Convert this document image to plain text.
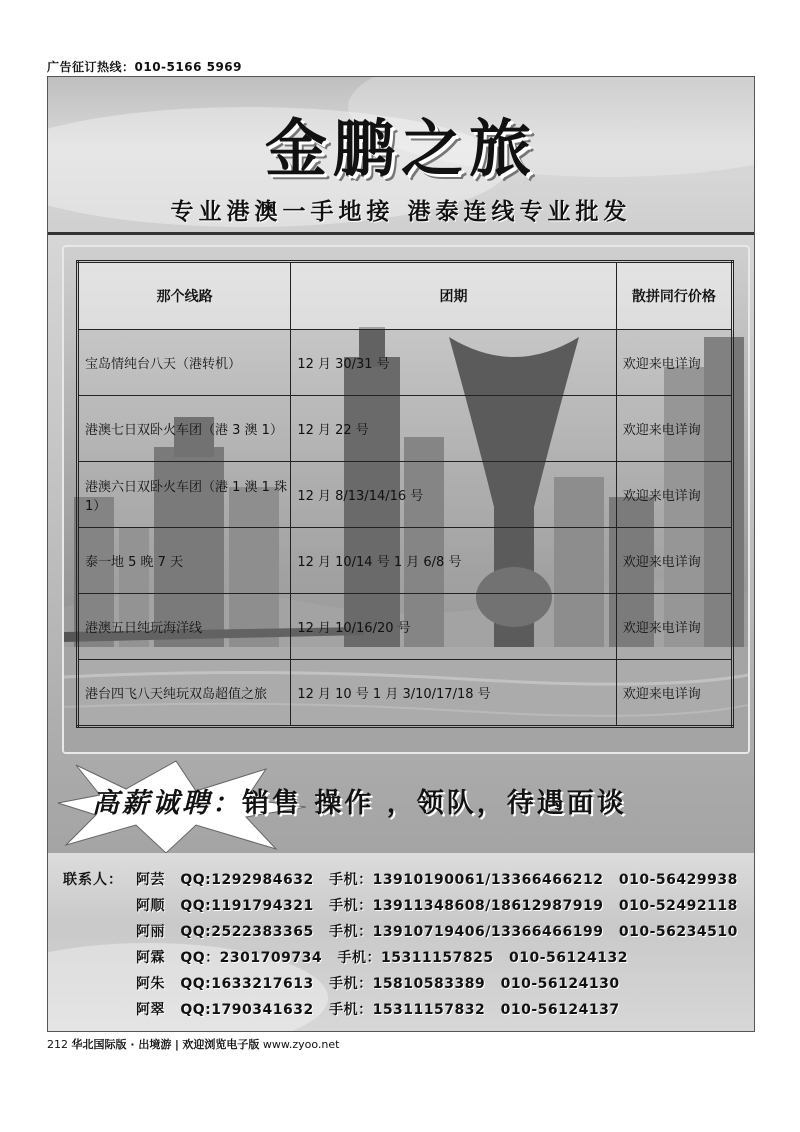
广告征订热线：010-5166 5969
金鹏之旅
专业港澳一手地接 港泰连线专业批发
那个线路	团期	散拼同行价格
宝岛情纯台八天（港转机）	12 月 30/31 号	欢迎来电详询
港澳七日双卧火车团（港 3 澳 1）	12 月 22 号	欢迎来电详询
港澳六日双卧火车团（港 1 澳 1 珠 1）	12 月 8/13/14/16 号	欢迎来电详询
泰一地 5 晚 7 天	12 月 10/14 号 1 月 6/8 号	欢迎来电详询
港澳五日纯玩海洋线	12 月 10/16/20 号	欢迎来电详询
港台四飞八天纯玩双岛超值之旅	12 月 10 号 1 月 3/10/17/18 号	欢迎来电详询
高薪诚聘：销售 操作 ，领队，待遇面谈
联系人： 阿芸 QQ:1292984632 手机：13910190061/13366466212 010-56429938
阿顺 QQ:1191794321 手机：13911348608/18612987919 010-52492118
阿丽 QQ:2522383365 手机：13910719406/13366466199 010-56234510
阿霖 QQ：2301709734 手机：15311157825 010-56124132
阿朱 QQ:1633217613 手机：15810583389 010-56124130
阿翠 QQ:1790341632 手机：15311157832 010-56124137
212 华北国际版 · 出境游 | 欢迎浏览电子版 www.zyoo.net
